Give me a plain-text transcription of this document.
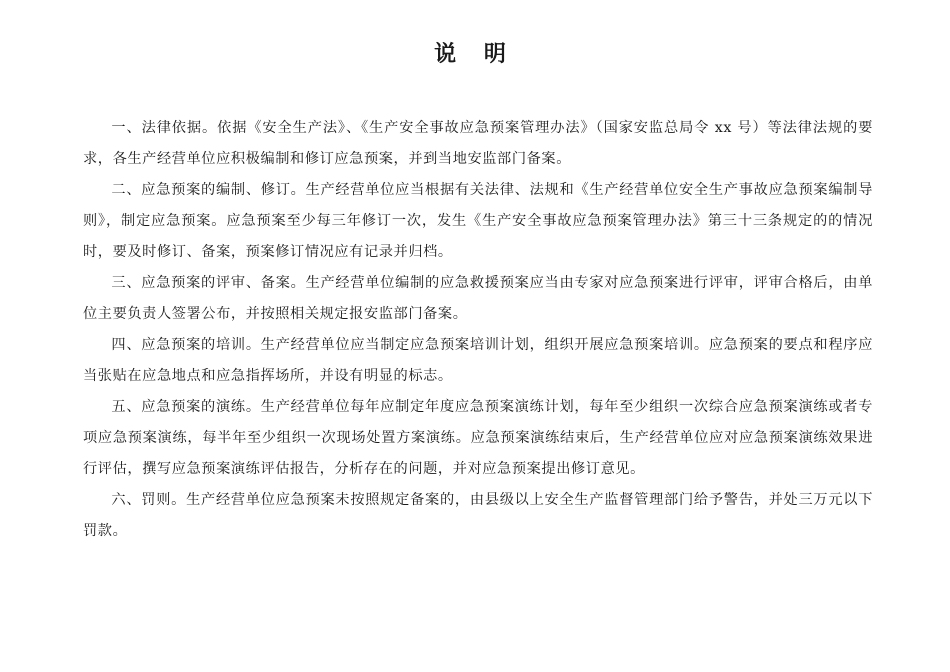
说 明

一、法律依据。依据《安全生产法》、《生产安全事故应急预案管理办法》（国家安监总局令 xx 号）等法律法规的要求，各生产经营单位应积极编制和修订应急预案，并到当地安监部门备案。

二、应急预案的编制、修订。生产经营单位应当根据有关法律、法规和《生产经营单位安全生产事故应急预案编制导则》，制定应急预案。应急预案至少每三年修订一次，发生《生产安全事故应急预案管理办法》第三十三条规定的的情况时，要及时修订、备案，预案修订情况应有记录并归档。

三、应急预案的评审、备案。生产经营单位编制的应急救援预案应当由专家对应急预案进行评审，评审合格后，由单位主要负责人签署公布，并按照相关规定报安监部门备案。

四、应急预案的培训。生产经营单位应当制定应急预案培训计划，组织开展应急预案培训。应急预案的要点和程序应当张贴在应急地点和应急指挥场所，并设有明显的标志。

五、应急预案的演练。生产经营单位每年应制定年度应急预案演练计划，每年至少组织一次综合应急预案演练或者专项应急预案演练，每半年至少组织一次现场处置方案演练。应急预案演练结束后，生产经营单位应对应急预案演练效果进行评估，撰写应急预案演练评估报告，分析存在的问题，并对应急预案提出修订意见。

六、罚则。生产经营单位应急预案未按照规定备案的，由县级以上安全生产监督管理部门给予警告，并处三万元以下罚款。
